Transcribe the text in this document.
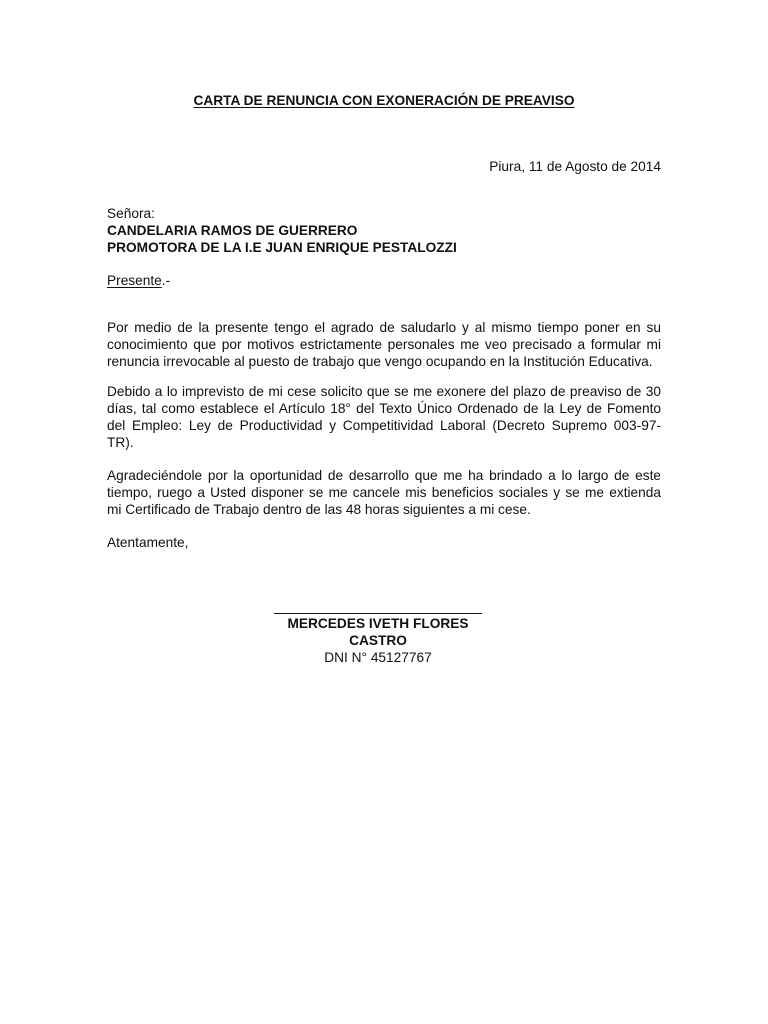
CARTA DE RENUNCIA CON EXONERACIÓN DE PREAVISO
Piura, 11 de Agosto de 2014
Señora:
CANDELARIA RAMOS DE GUERRERO
PROMOTORA DE LA I.E JUAN ENRIQUE PESTALOZZI
Presente.-
Por medio de la presente tengo el agrado de saludarlo y al mismo tiempo poner en su
conocimiento que por motivos estrictamente personales me veo precisado a formular mi
renuncia irrevocable al puesto de trabajo que vengo ocupando en la Institución Educativa.
Debido a lo imprevisto de mi cese solicito que se me exonere del plazo de preaviso de 30
días, tal como establece el Artículo 18° del Texto Único Ordenado de la Ley de Fomento
del Empleo: Ley de Productividad y Competitividad Laboral (Decreto Supremo 003-97-
TR).
Agradeciéndole por la oportunidad de desarrollo que me ha brindado a lo largo de este
tiempo, ruego a Usted disponer se me cancele mis beneficios sociales y se me extienda
mi Certificado de Trabajo dentro de las 48 horas siguientes a mi cese.
Atentamente,
MERCEDES IVETH FLORES
CASTRO
DNI N° 45127767
